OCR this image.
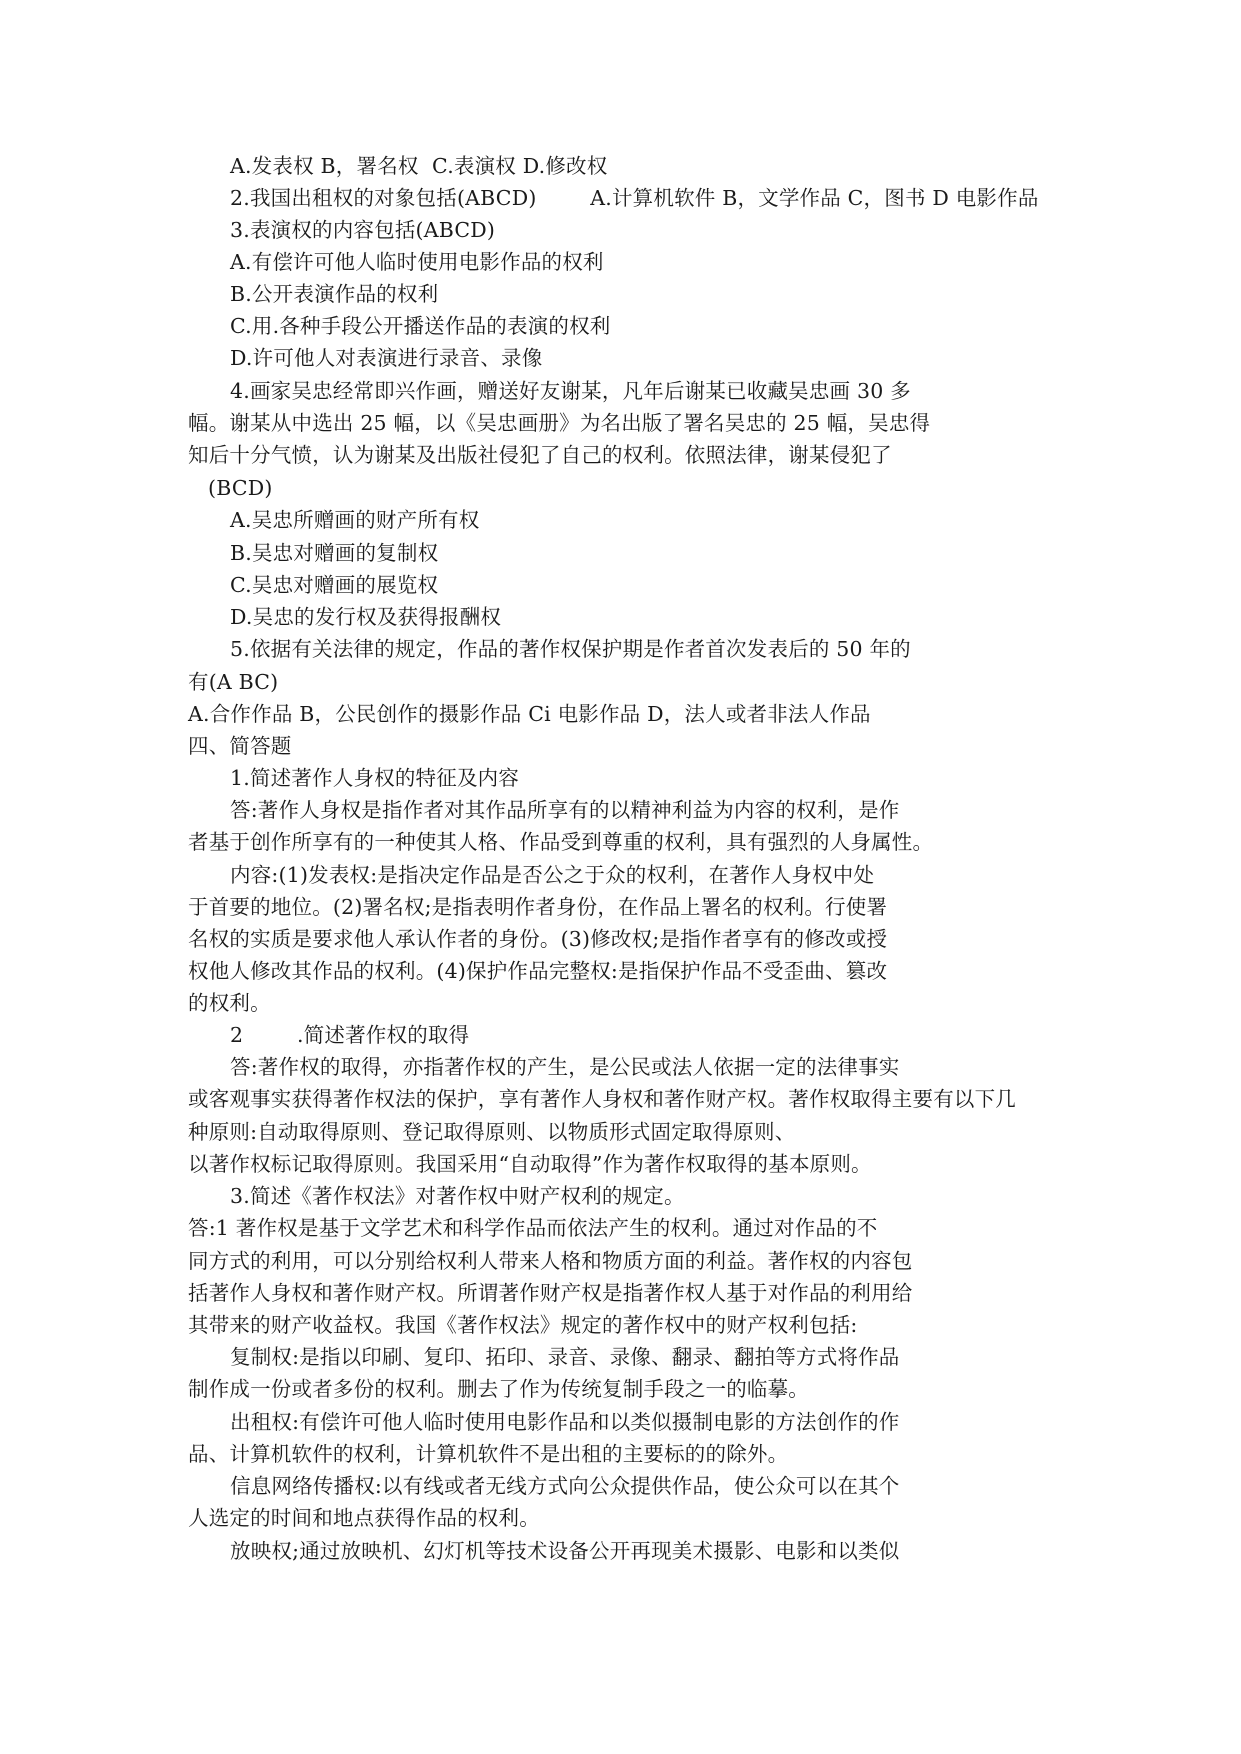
A.发表权 B，署名权  C.表演权 D.修改权
2.我国出租权的对象包括(ABCD)        A.计算机软件 B，文学作品 C，图书 D 电影作品
3.表演权的内容包括(ABCD)
A.有偿许可他人临时使用电影作品的权利
B.公开表演作品的权利
C.用.各种手段公开播送作品的表演的权利
D.许可他人对表演进行录音、录像
4.画家吴忠经常即兴作画，赠送好友谢某，凡年后谢某已收藏吴忠画 30 多
幅。谢某从中选出 25 幅，以《吴忠画册》为名出版了署名吴忠的 25 幅，吴忠得
知后十分气愤，认为谢某及出版社侵犯了自己的权利。依照法律，谢某侵犯了
(BCD)
A.吴忠所赠画的财产所有权
B.吴忠对赠画的复制权
C.吴忠对赠画的展览权
D.吴忠的发行权及获得报酬权
5.依据有关法律的规定，作品的著作权保护期是作者首次发表后的 50 年的
有(A BC)
A.合作作品 B，公民创作的摄影作品 Ci 电影作品 D，法人或者非法人作品
四、简答题
1.简述著作人身权的特征及内容
答:著作人身权是指作者对其作品所享有的以精神利益为内容的权利，是作
者基于创作所享有的一种使其人格、作品受到尊重的权利，具有强烈的人身属性。
内容:(1)发表权:是指决定作品是否公之于众的权利，在著作人身权中处
于首要的地位。(2)署名权;是指表明作者身份，在作品上署名的权利。行使署
名权的实质是要求他人承认作者的身份。(3)修改权;是指作者享有的修改或授
权他人修改其作品的权利。(4)保护作品完整权:是指保护作品不受歪曲、篡改
的权利。
2        .简述著作权的取得
答:著作权的取得，亦指著作权的产生，是公民或法人依据一定的法律事实
或客观事实获得著作权法的保护，享有著作人身权和著作财产权。著作权取得主要有以下几
种原则:自动取得原则、登记取得原则、以物质形式固定取得原则、
以著作权标记取得原则。我国采用“自动取得”作为著作权取得的基本原则。
3.简述《著作权法》对著作权中财产权利的规定。
答:1 著作权是基于文学艺术和科学作品而依法产生的权利。通过对作品的不
同方式的利用，可以分别给权利人带来人格和物质方面的利益。著作权的内容包
括著作人身权和著作财产权。所谓著作财产权是指著作权人基于对作品的利用给
其带来的财产收益权。我国《著作权法》规定的著作权中的财产权利包括:
复制权:是指以印刷、复印、拓印、录音、录像、翻录、翻拍等方式将作品
制作成一份或者多份的权利。删去了作为传统复制手段之一的临摹。
出租权:有偿许可他人临时使用电影作品和以类似摄制电影的方法创作的作
品、计算机软件的权利，计算机软件不是出租的主要标的的除外。
信息网络传播权:以有线或者无线方式向公众提供作品，使公众可以在其个
人选定的时间和地点获得作品的权利。
放映权;通过放映机、幻灯机等技术设备公开再现美术摄影、电影和以类似
